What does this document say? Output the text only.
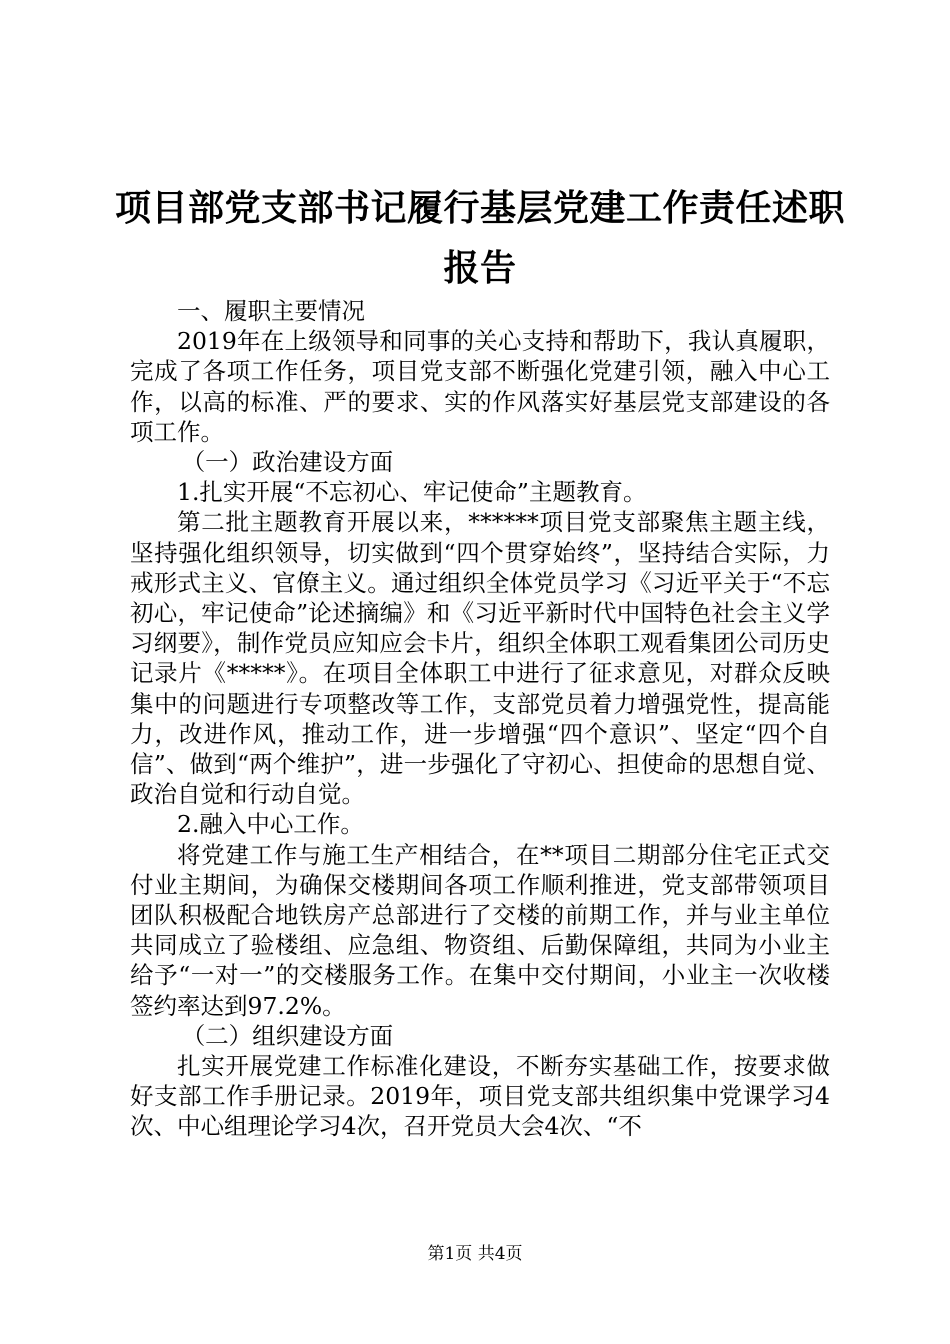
项目部党支部书记履行基层党建工作责任述职
报告

一、履职主要情况

2019年在上级领导和同事的关心支持和帮助下，我认真履职，完成了各项工作任务，项目党支部不断强化党建引领，融入中心工作，以高的标准、严的要求、实的作风落实好基层党支部建设的各项工作。

（一）政治建设方面

1.扎实开展“不忘初心、牢记使命”主题教育。

第二批主题教育开展以来，******项目党支部聚焦主题主线，坚持强化组织领导，切实做到“四个贯穿始终”，坚持结合实际，力戒形式主义、官僚主义。通过组织全体党员学习《习近平关于“不忘初心，牢记使命”论述摘编》和《习近平新时代中国特色社会主义学习纲要》，制作党员应知应会卡片，组织全体职工观看集团公司历史记录片《*****》。在项目全体职工中进行了征求意见，对群众反映集中的问题进行专项整改等工作，支部党员着力增强党性，提高能力，改进作风，推动工作，进一步增强“四个意识”、坚定“四个自信”、做到“两个维护”，进一步强化了守初心、担使命的思想自觉、政治自觉和行动自觉。

2.融入中心工作。

将党建工作与施工生产相结合，在**项目二期部分住宅正式交付业主期间，为确保交楼期间各项工作顺利推进，党支部带领项目团队积极配合地铁房产总部进行了交楼的前期工作，并与业主单位共同成立了验楼组、应急组、物资组、后勤保障组，共同为小业主给予“一对一”的交楼服务工作。在集中交付期间，小业主一次收楼签约率达到97.2%。

（二）组织建设方面

扎实开展党建工作标准化建设，不断夯实基础工作，按要求做好支部工作手册记录。2019年，项目党支部共组织集中党课学习4次、中心组理论学习4次，召开党员大会4次、“不

第1页 共4页
